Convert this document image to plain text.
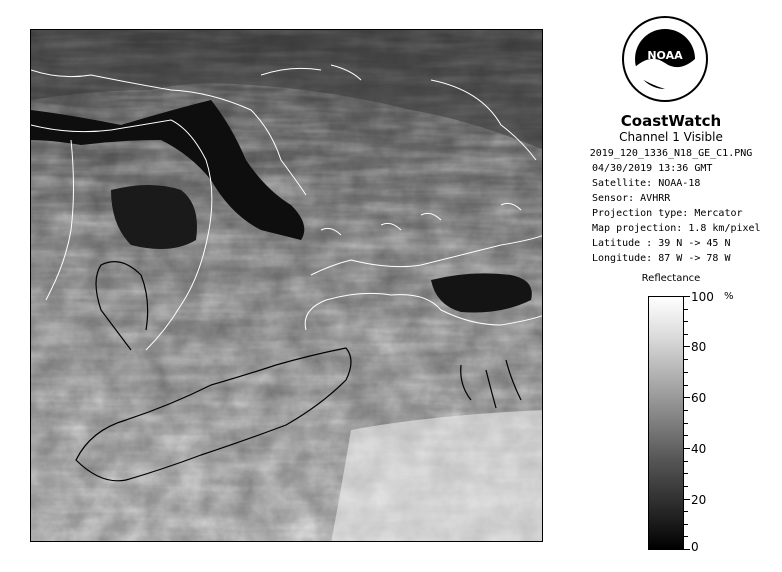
NOAA
CoastWatch
Channel 1 Visible
2019_120_1336_N18_GE_C1.PNG
04/30/2019 13:36 GMT
Satellite: NOAA-18
Sensor: AVHRR
Projection type: Mercator
Map projection: 1.8 km/pixel
Latitude : 39 N -> 45 N
Longitude: 87 W -> 78 W
Reflectance
%
100
80
60
40
20
0
